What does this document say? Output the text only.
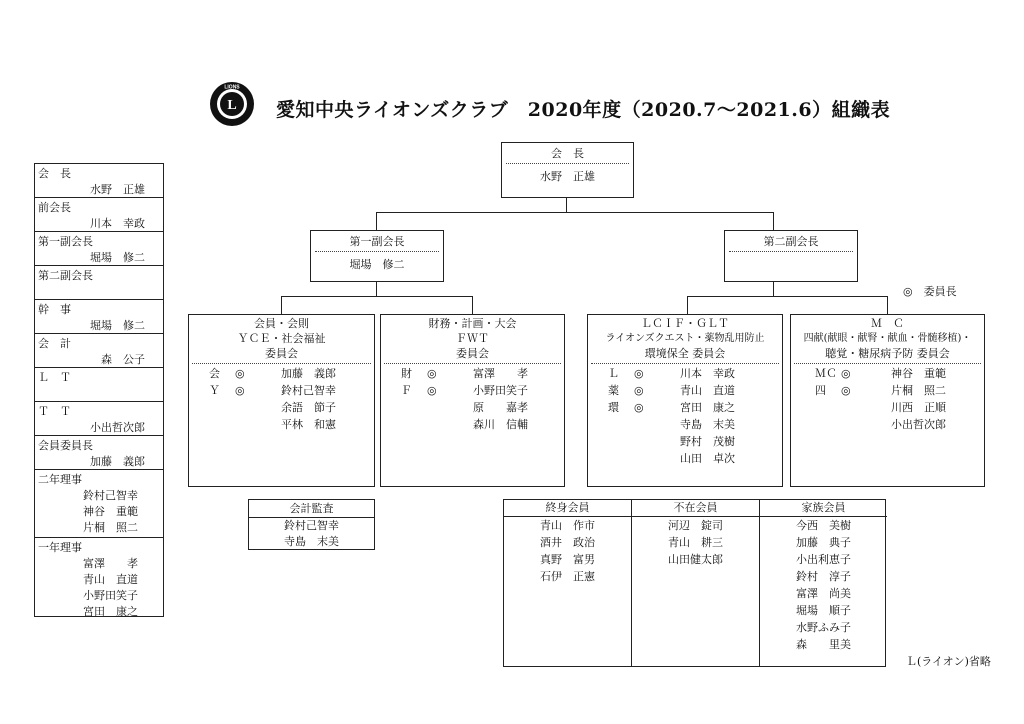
L
LIONS
愛知中央ライオンズクラブ　2020年度（2020.7～2021.6）組織表
会　長
水野　正雄
前会長
川本　幸政
第一副会長
堀場　修二
第二副会長
幹　事
堀場　修二
会　計
森　公子
Ｌ　Ｔ
Ｔ　Ｔ
小出哲次郎
会員委員長
加藤　義郎
二年理事
鈴村己智幸
神谷　重範
片桐　照二
一年理事
富澤　　孝
青山　直道
小野田笑子
宮田　康之
会　長
水野　正雄
第一副会長
堀場　修二
第二副会長
◎　委員長
会員・会則
ＹＣＥ・社会福祉
委員会
会 ◎	加藤　義郎
Ｙ ◎	鈴村己智幸
余語　節子
平林　和憲
財務・計画・大会
ＦＷＴ
委員会
財 ◎	富澤　　孝
Ｆ ◎	小野田笑子
原　　嘉孝
森川　信輔
ＬＣＩＦ・ＧＬＴ
ライオンズクエスト・薬物乱用防止
環境保全 委員会
Ｌ ◎	川本　幸政
薬 ◎	青山　直道
環 ◎	宮田　康之
寺島　末美
野村　茂樹
山田　卓次
Ｍ　Ｃ
四献(献眼・献腎・献血・骨髄移植)・
聴覚・糖尿病予防 委員会
ＭＣ ◎	神谷　重範
四 ◎	片桐　照二
川西　正順
小出哲次郎
会計監査
鈴村己智幸
寺島　末美
終身会員
青山　作市
酒井　政治
真野　富男
石伊　正憲
不在会員
河辺　錠司
青山　耕三
山田健太郎
家族会員
今西　美樹
加藤　典子
小出利恵子
鈴村　淳子
富澤　尚美
堀場　順子
水野ふみ子
森　　里美
Ｌ(ライオン)省略
